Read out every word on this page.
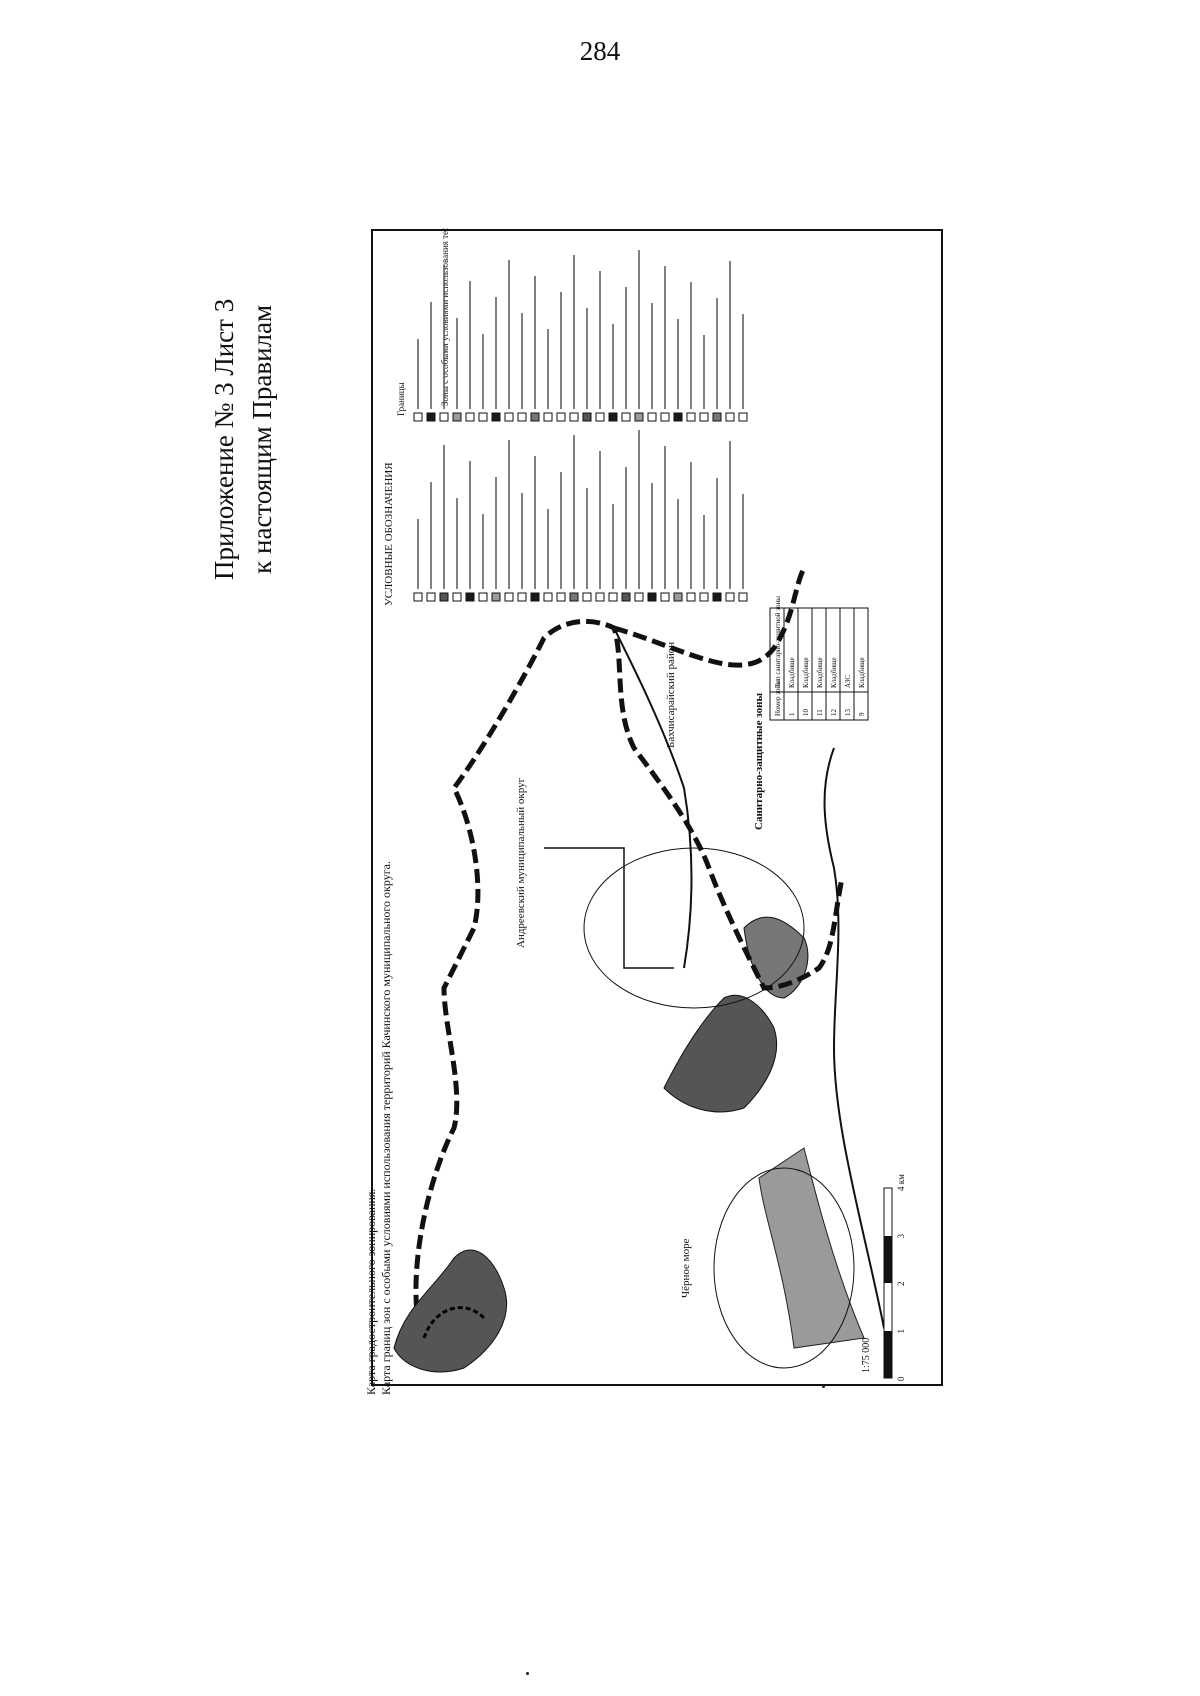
284
Приложение № 3 Лист 3 к настоящим Правилам
Карта градостроительного зонирования. Карта границ зон с особыми условиями использования территорий Качинского муниципального округа.
УСЛОВНЫЕ ОБОЗНАЧЕНИЯ
Границы	Зоны с особыми условиями использования территории
Андреевский муниципальный округ
Бахчисарайский район
Чёрное море
1:75 000
0
1
2
3
4 км
Номер зоны
Тип санитарно-защитной зоны
1
Кладбище
10
Кладбище
11
Кладбище
12
Кладбище
13
АЗС
9
Кладбище
Санитарно-защитные зоны
